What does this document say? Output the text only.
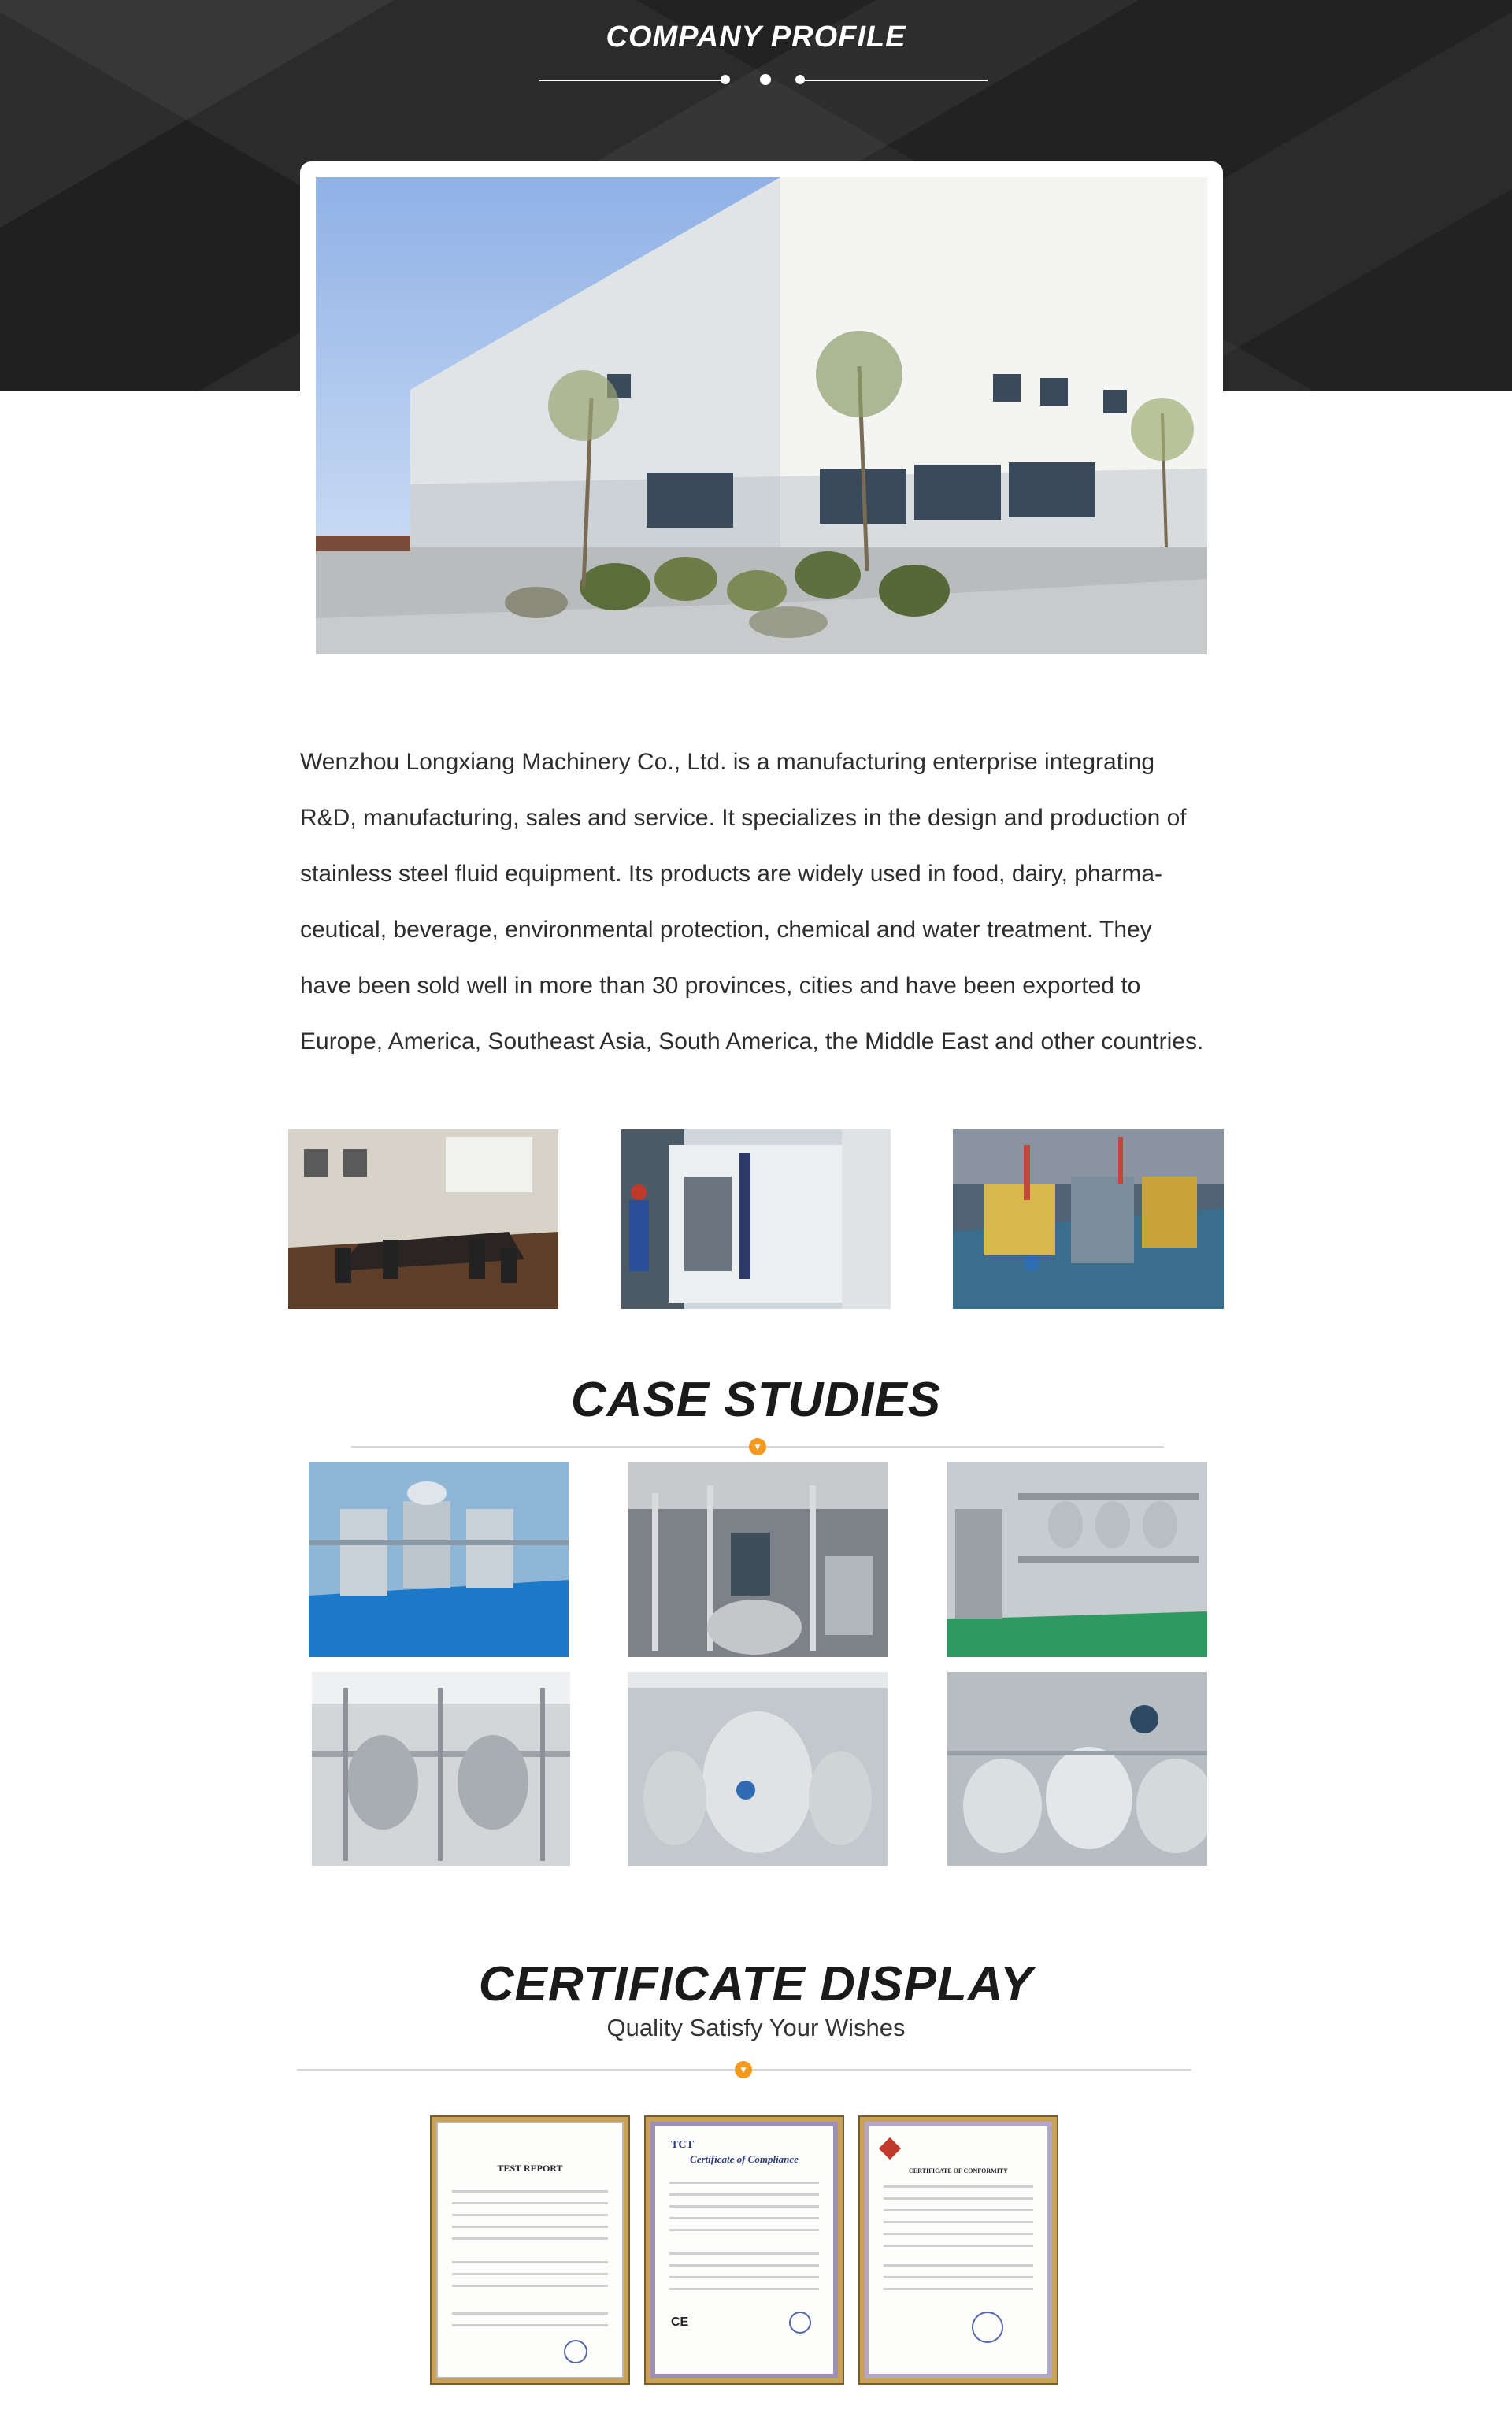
COMPANY PROFILE
Wenzhou Longxiang Machinery Co., Ltd. is a manufacturing enterprise integrating
R&D, manufacturing, sales and service. It specializes in the design and production of
stainless steel fluid equipment. Its products are widely used in food, dairy, pharma-
ceutical, beverage, environmental protection, chemical and water treatment. They
have been sold well in more than 30 provinces, cities and have been exported to
Europe, America, Southeast Asia, South America, the Middle East and other countries.
CASE STUDIES
▼
CERTIFICATE DISPLAY
Quality Satisfy Your Wishes
▼
TEST REPORT
TCT
Certificate of Compliance
CE
CERTIFICATE OF CONFORMITY
